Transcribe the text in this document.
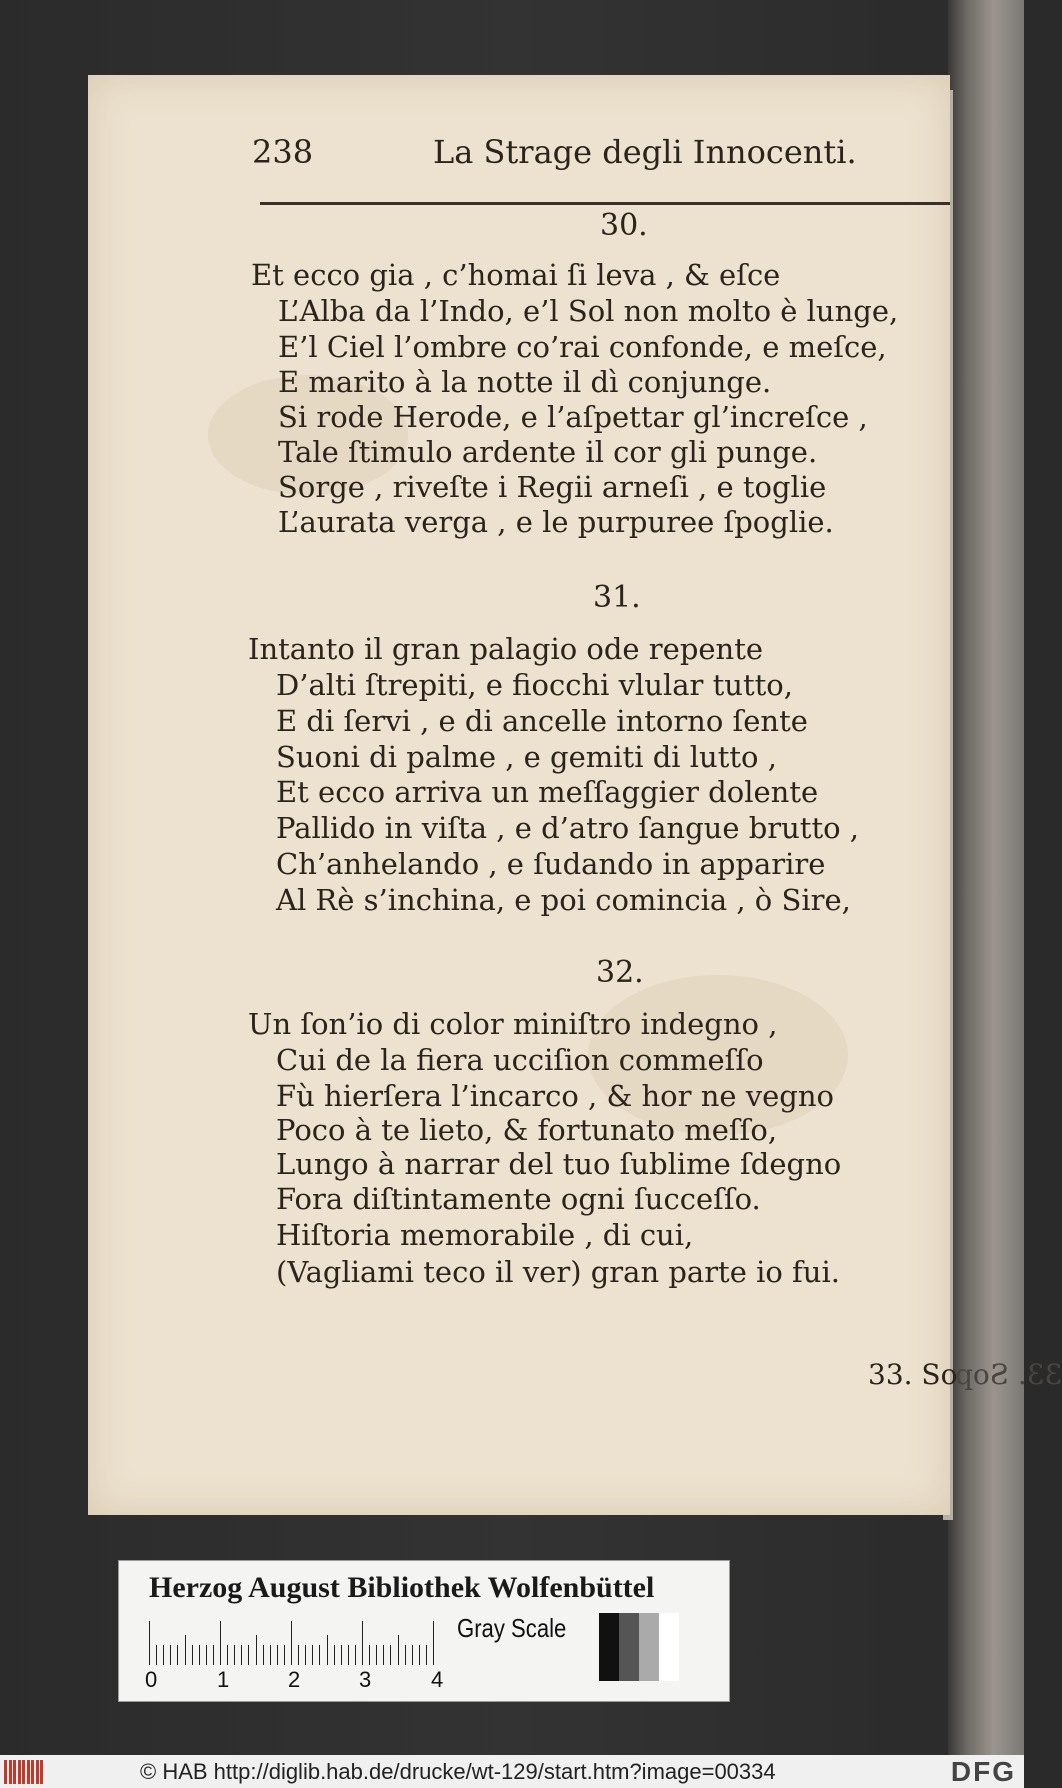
238	La Strage degli Innocenti.
30.
Et ecco gia , c’homai ſi leva , & eſce
L’Alba da l’Indo, e’l Sol non molto è lunge,
E’l Ciel l’ombre co’rai confonde, e meſce,
E marito à la notte il dì conjunge.
Si rode Herode, e l’aſpettar gl’increſce ,
Tale ſtimulo ardente il cor gli punge.
Sorge , riveſte i Regii arneſi , e toglie
L’aurata verga , e le purpuree ſpoglie.
31.
Intanto il gran palagio ode repente
D’alti ſtrepiti, e fiocchi vlular tutto,
E di ſervi , e di ancelle intorno ſente
Suoni di palme , e gemiti di lutto ,
Et ecco arriva un meſſaggier dolente
Pallido in viſta , e d’atro ſangue brutto ,
Ch’anhelando , e ſudando in apparire
Al Rè s’inchina, e poi comincia , ò Sire,
32.
Un ſon’io di color miniſtro indegno ,
Cui de la fiera ucciſion commeſſo
Fù hierſera l’incarco , & hor ne vegno
Poco à te lieto, & fortunato meſſo,
Lungo à narrar del tuo ſublime ſdegno
Fora diſtintamente ogni ſucceſſo.
Hiſtoria memorabile , di cui,
(Vagliami teco il ver) gran parte io fui.
33. So
33. Sop
Herzog August Bibliothek Wolfenbüttel
0	1	2	3	4
Gray Scale
© HAB http://diglib.hab.de/drucke/wt-129/start.htm?image=00334	DFG
